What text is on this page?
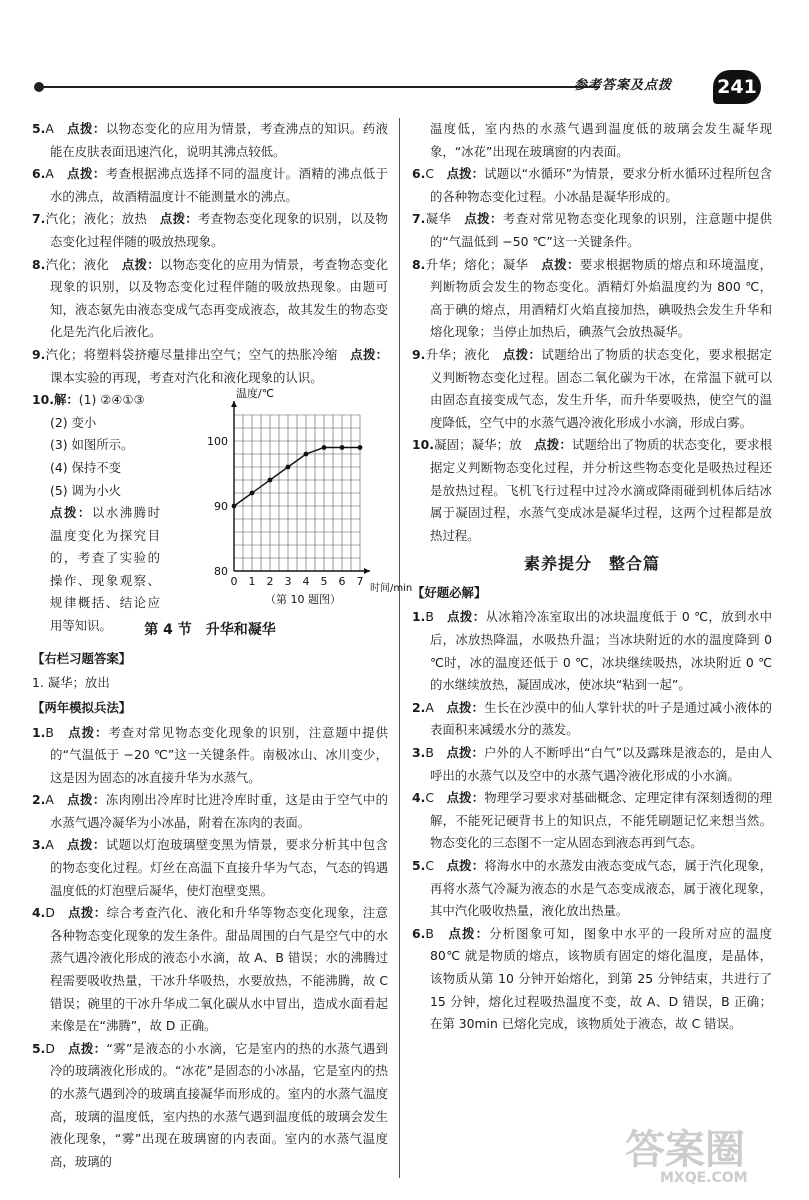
参考答案及点拨 241

5.A　 点拨：以物态变化的应用为情景，考查沸点的知识。药液能在皮肤表面迅速汽化，说明其沸点较低。

6.A　 点拨：考查根据沸点选择不同的温度计。酒精的沸点低于水的沸点，故酒精温度计不能测量水的沸点。

7.汽化；液化；放热　 点拨：考查物态变化现象的识别，以及物态变化过程伴随的吸放热现象。

8.汽化；液化　 点拨：以物态变化的应用为情景，考查物态变化现象的识别，以及物态变化过程伴随的吸放热现象。由题可知，液态氨先由液态变成气态再变成液态，故其发生的物态变化是先汽化后液化。

9.汽化；将塑料袋挤瘪尽量排出空气；空气的热胀冷缩　 点拨：课本实验的再现，考查对汽化和液化现象的认识。

10.解：(1) ②④①③

(2) 变小
(3) 如图所示。
(4) 保持不变
(5) 调为小火
点拨：以水沸腾时温度变化为探究目的，考查了实验的操作、现象观察、规律概括、结论应用等知识。
温度/℃
时间/min
0 1 2 3 4 5 6 7
80
90
100
（第 10 题图）
第 4 节　升华和凝华
【右栏习题答案】
1. 凝华；放出
【两年模拟兵法】

1.B　 点拨：考查对常见物态变化现象的识别，注意题中提供的“气温低于 −20 ℃”这一关键条件。南极冰山、冰川变少，这是因为固态的冰直接升华为水蒸气。

2.A　 点拨：冻肉刚出冷库时比进冷库时重，这是由于空气中的水蒸气遇冷凝华为小冰晶，附着在冻肉的表面。

3.A　 点拨：试题以灯泡玻璃壁变黑为情景，要求分析其中包含的物态变化过程。灯丝在高温下直接升华为气态，气态的钨遇温度低的灯泡壁后凝华，使灯泡壁变黑。

4.D　 点拨：综合考查汽化、液化和升华等物态变化现象，注意各种物态变化现象的发生条件。甜品周围的白气是空气中的水蒸气遇冷液化形成的液态小水滴，故 A、B 错误；水的沸腾过程需要吸收热量，干冰升华吸热，水要放热，不能沸腾，故 C 错误；碗里的干冰升华成二氧化碳从水中冒出，造成水面看起来像是在“沸腾”，故 D 正确。

5.D　 点拨：“雾”是液态的小水滴，它是室内的热的水蒸气遇到冷的玻璃液化形成的。“冰花”是固态的小冰晶，它是室内的热的水蒸气遇到冷的玻璃直接凝华而形成的。室内的水蒸气温度高，玻璃的温度低，室内热的水蒸气遇到温度低的玻璃会发生液化现象，“雾”出现在玻璃窗的内表面。室内的水蒸气温度高，玻璃的

温度低，室内热的水蒸气遇到温度低的玻璃会发生凝华现象，“冰花”出现在玻璃窗的内表面。

6.C　 点拨：试题以“水循环”为情景，要求分析水循环过程所包含的各种物态变化过程。小冰晶是凝华形成的。

7.凝华　 点拨：考查对常见物态变化现象的识别，注意题中提供的“气温低到 −50 ℃”这一关键条件。

8.升华；熔化；凝华　 点拨：要求根据物质的熔点和环境温度，判断物质会发生的物态变化。酒精灯外焰温度约为 800 ℃，高于碘的熔点，用酒精灯火焰直接加热，碘吸热会发生升华和熔化现象；当停止加热后，碘蒸气会放热凝华。

9.升华；液化　 点拨：试题给出了物质的状态变化，要求根据定义判断物态变化过程。固态二氧化碳为干冰，在常温下就可以由固态直接变成气态，发生升华，而升华要吸热，使空气的温度降低，空气中的水蒸气遇冷液化形成小水滴，形成白雾。

10.凝固；凝华；放　 点拨：试题给出了物质的状态变化，要求根据定义判断物态变化过程，并分析这些物态变化是吸热过程还是放热过程。飞机飞行过程中过冷水滴或降雨碰到机体后结冰属于凝固过程，水蒸气变成冰是凝华过程，这两个过程都是放热过程。

素养提分　整合篇
【好题必解】

1.B　 点拨：从冰箱冷冻室取出的冰块温度低于 0 ℃，放到水中后，冰放热降温，水吸热升温；当冰块附近的水的温度降到 0 ℃时，冰的温度还低于 0 ℃，冰块继续吸热，冰块附近 0 ℃的水继续放热，凝固成冰，使冰块“粘到一起”。

2.A　 点拨：生长在沙漠中的仙人掌针状的叶子是通过减小液体的表面积来减缓水分的蒸发。

3.B　 点拨：户外的人不断呼出“白气”以及露珠是液态的，是由人呼出的水蒸气以及空中的水蒸气遇冷液化形成的小水滴。

4.C　 点拨：物理学习要求对基础概念、定理定律有深刻透彻的理解，不能死记硬背书上的知识点，不能凭刷题记忆来想当然。物态变化的三态图不一定从固态到液态再到气态。

5.C　 点拨：将海水中的水蒸发由液态变成气态，属于汽化现象，再将水蒸气冷凝为液态的水是气态变成液态，属于液化现象，其中汽化吸收热量，液化放出热量。

6.B　 点拨：分析图象可知，图象中水平的一段所对应的温度 80℃ 就是物质的熔点，该物质有固定的熔化温度，是晶体，该物质从第 10 分钟开始熔化，到第 25 分钟结束，共进行了 15 分钟，熔化过程吸热温度不变，故 A、D 错误，B 正确；在第 30min 已熔化完成，该物质处于液态，故 C 错误。

答案圈
MXQE.COM
